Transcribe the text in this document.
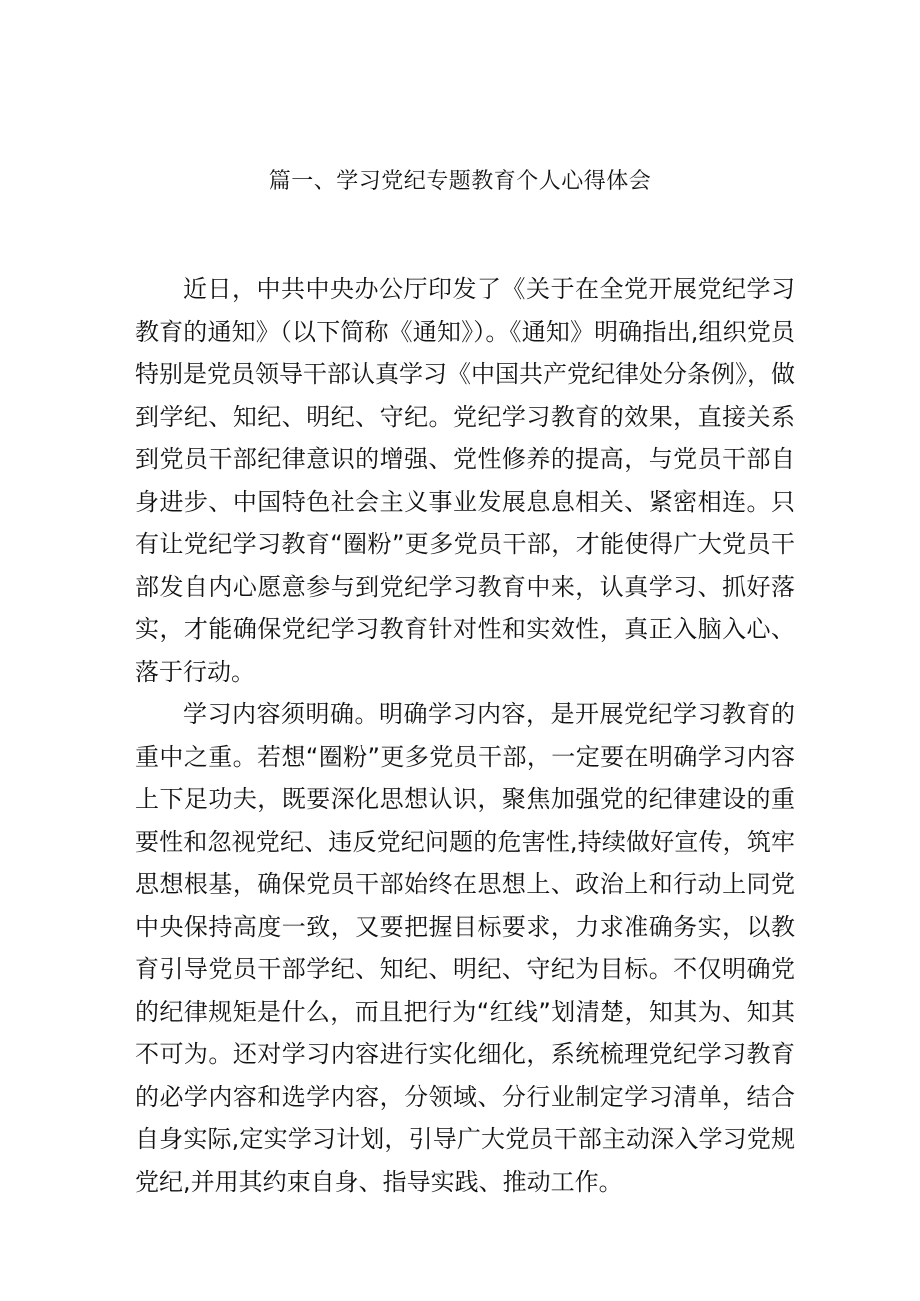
篇一、学习党纪专题教育个人心得体会

近日，中共中央办公厅印发了《关于在全党开展党纪学习教育的通知》（以下简称《通知》）。《通知》明确指出,组织党员特别是党员领导干部认真学习《中国共产党纪律处分条例》，做到学纪、知纪、明纪、守纪。党纪学习教育的效果，直接关系到党员干部纪律意识的增强、党性修养的提高，与党员干部自身进步、中国特色社会主义事业发展息息相关、紧密相连。只有让党纪学习教育“圈粉”更多党员干部，才能使得广大党员干部发自内心愿意参与到党纪学习教育中来，认真学习、抓好落实，才能确保党纪学习教育针对性和实效性，真正入脑入心、落于行动。

学习内容须明确。明确学习内容，是开展党纪学习教育的重中之重。若想“圈粉”更多党员干部，一定要在明确学习内容上下足功夫，既要深化思想认识，聚焦加强党的纪律建设的重要性和忽视党纪、违反党纪问题的危害性,持续做好宣传，筑牢思想根基，确保党员干部始终在思想上、政治上和行动上同党中央保持高度一致，又要把握目标要求，力求准确务实，以教育引导党员干部学纪、知纪、明纪、守纪为目标。不仅明确党的纪律规矩是什么，而且把行为“红线”划清楚，知其为、知其不可为。还对学习内容进行实化细化，系统梳理党纪学习教育的必学内容和选学内容，分领域、分行业制定学习清单，结合自身实际,定实学习计划，引导广大党员干部主动深入学习党规党纪,并用其约束自身、指导实践、推动工作。
